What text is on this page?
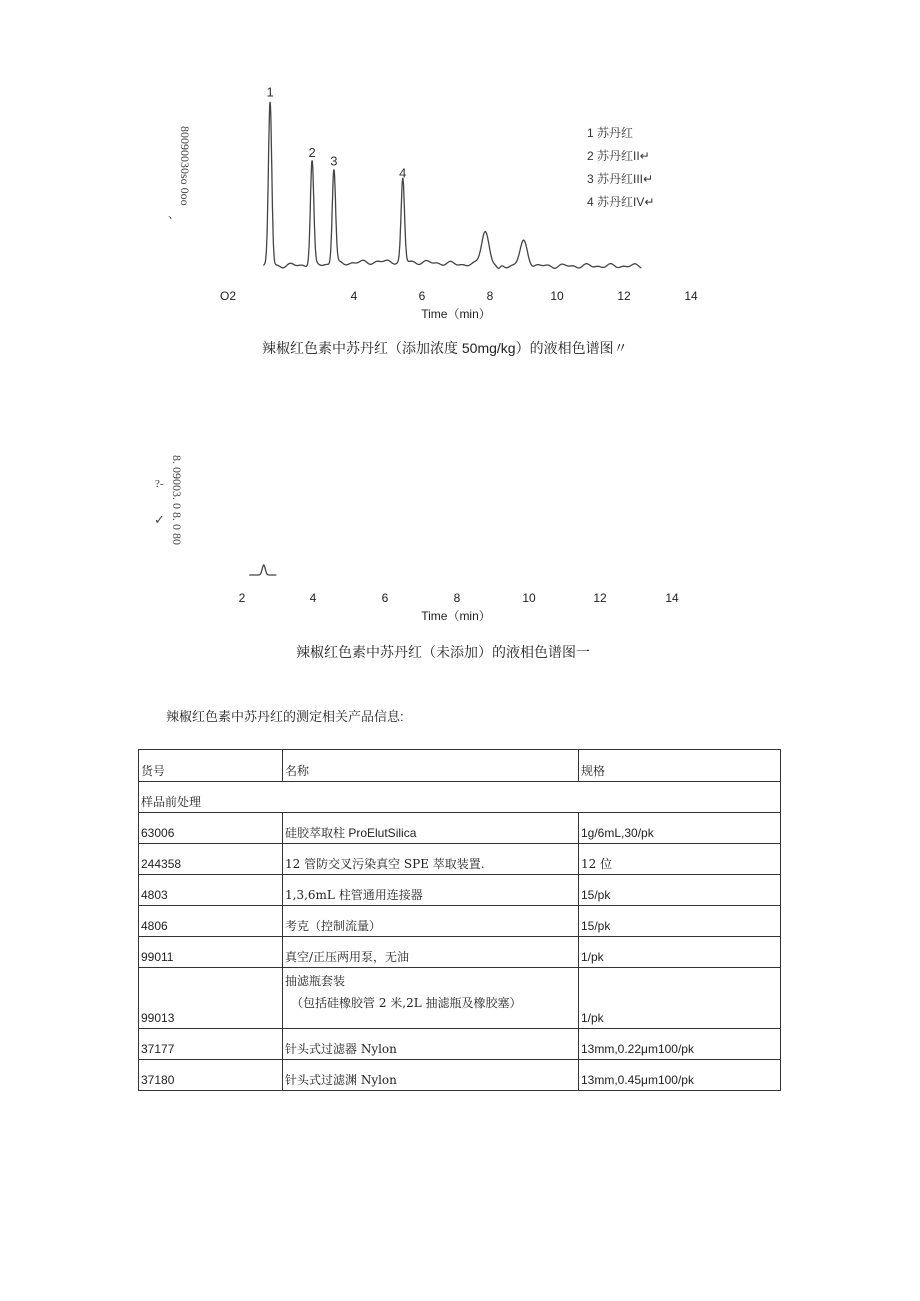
80090030so 0oo
、
1
2
3
4
O2	4	6	8	10	12	14
Time（min）
1 苏丹红
2 苏丹红II↵
3 苏丹红III↵
4 苏丹红IV↵
辣椒红色素中苏丹红（添加浓度 50mg/kg）的液相色谱图〃
8. 09003. 0 8. 0 80
?-
✓
2	4	6	8	10	12	14
Time（min）
辣椒红色素中苏丹红（未添加）的液相色谱图一
辣椒红色素中苏丹红的测定相关产品信息:
货号	名称	规格
样品前处理		
63006	硅胶萃取柱 ProElutSilica	1g/6mL,30/pk
244358	12 管防交叉污染真空 SPE 萃取装置.	12 位
4803	1,3,6mL 柱管通用连接器	15/pk
4806	考克（控制流量）	15/pk
99011	真空/正压两用泵，无油	1/pk
99013	抽滤瓶套装
（包括硅橡胶管 2 米,2L 抽滤瓶及橡胶塞）	1/pk
37177	针头式过滤器 Nylon	13mm,0.22μm100/pk
37180	针头式过滤渊 Nylon	13mm,0.45μm100/pk
